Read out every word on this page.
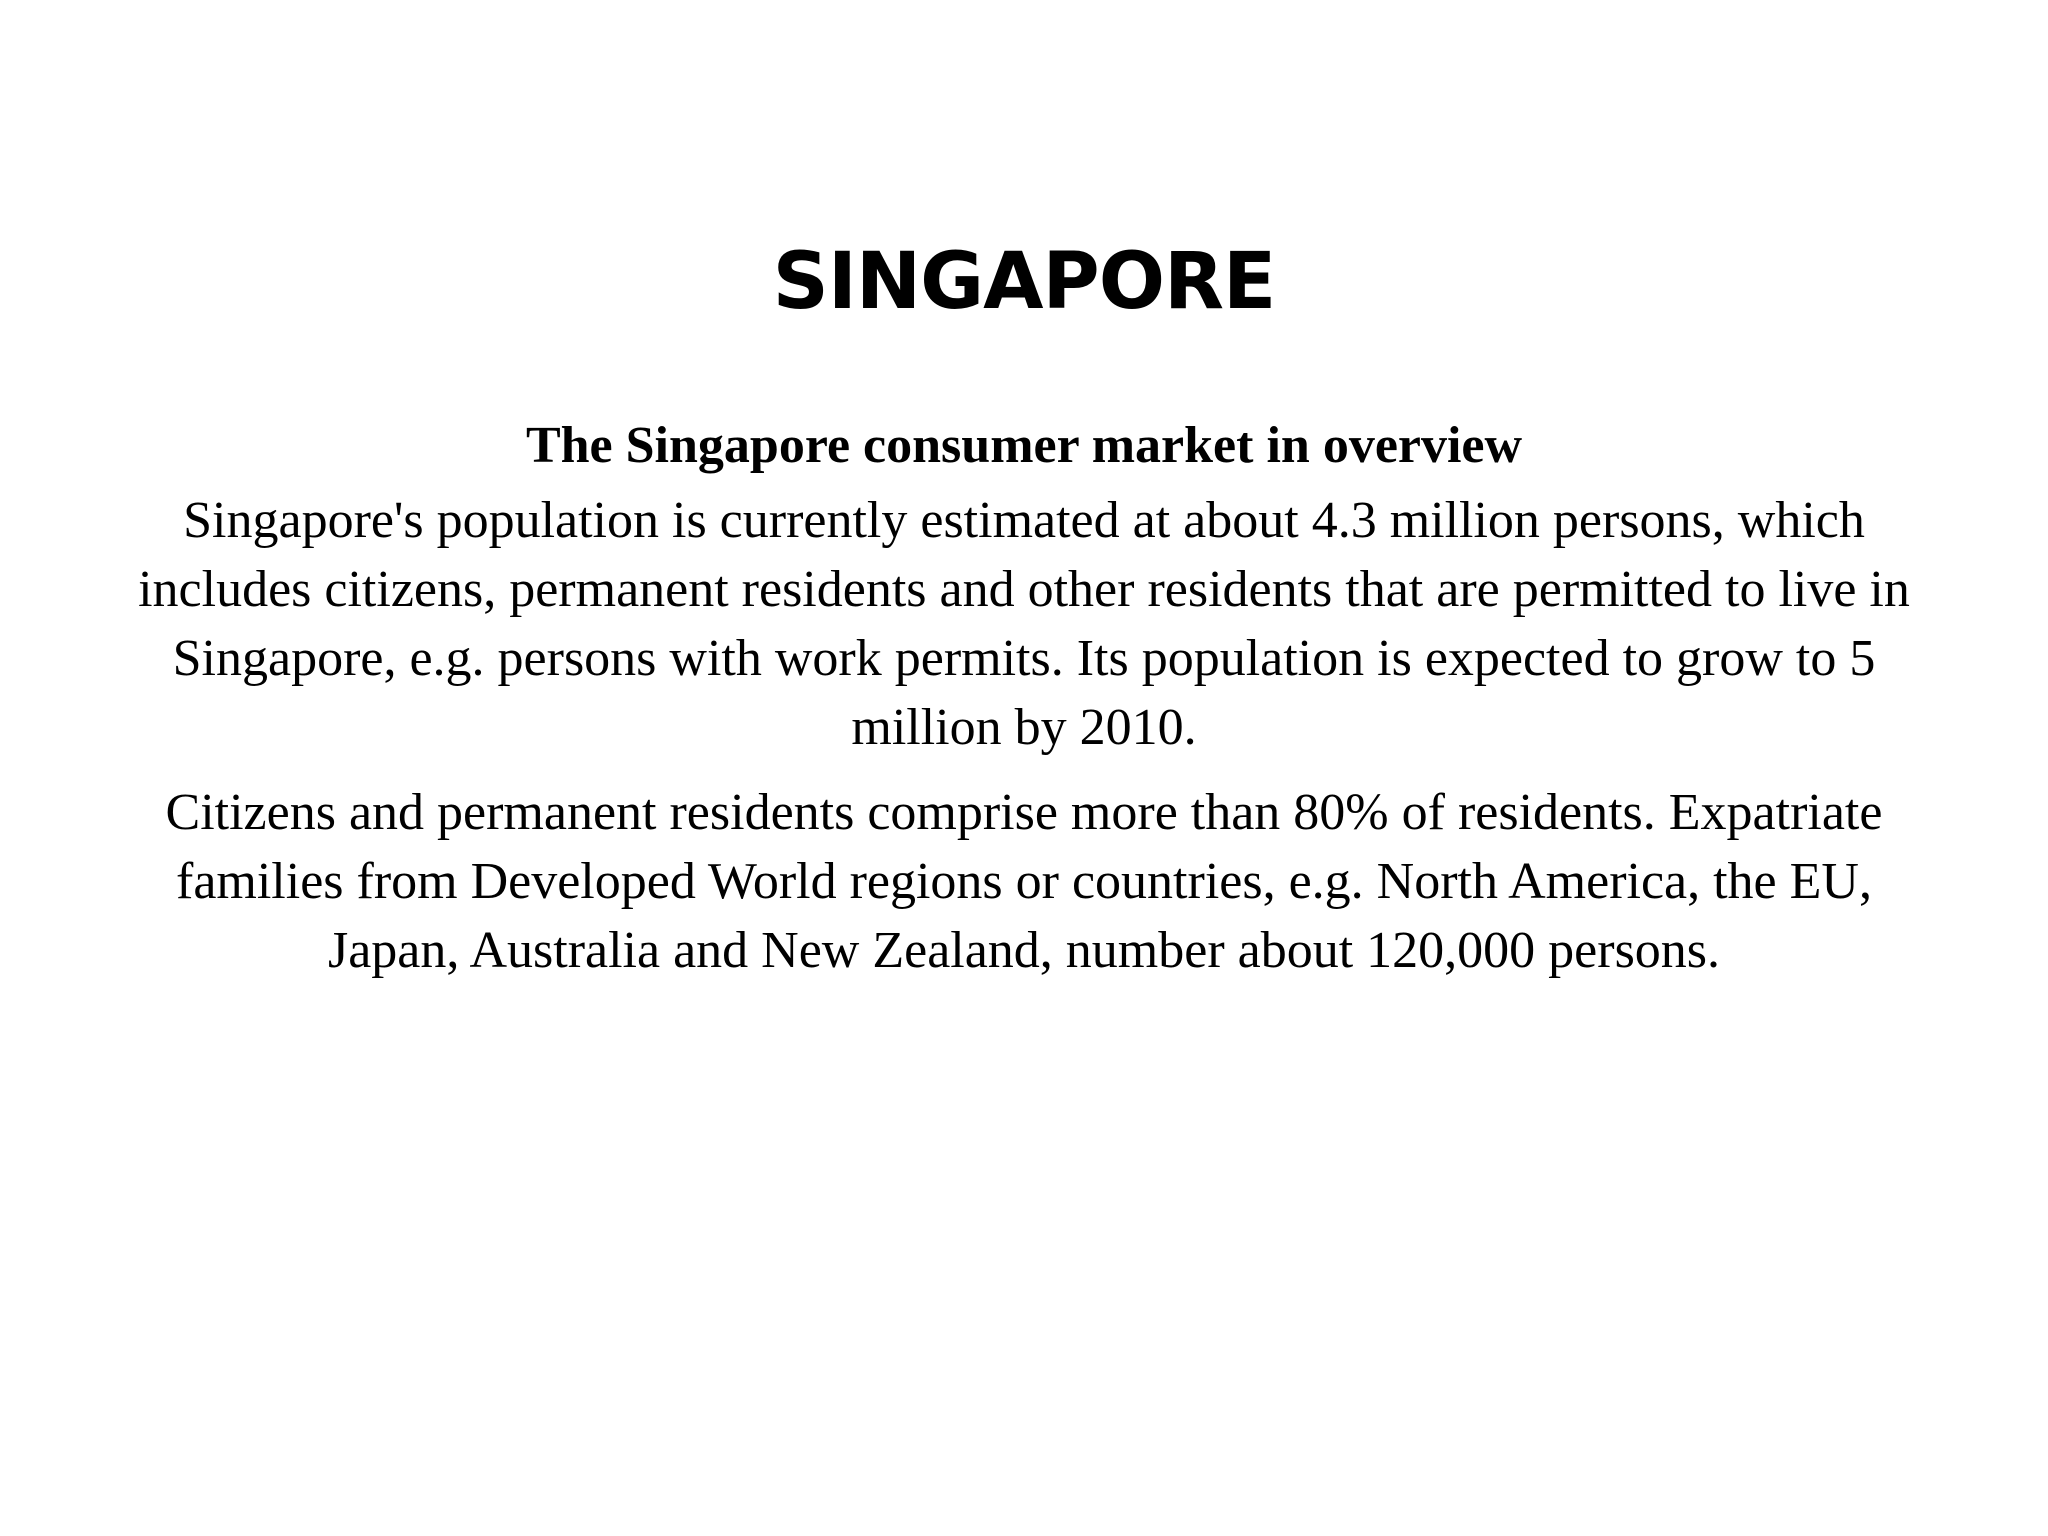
SINGAPORE

The Singapore consumer market in overview

Singapore's population is currently estimated at about 4.3 million persons, which includes citizens, permanent residents and other residents that are permitted to live in Singapore, e.g. persons with work permits. Its population is expected to grow to 5 million by 2010.

Citizens and permanent residents comprise more than 80% of residents. Expatriate families from Developed World regions or countries, e.g. North America, the EU, Japan, Australia and New Zealand, number about 120,000 persons.
